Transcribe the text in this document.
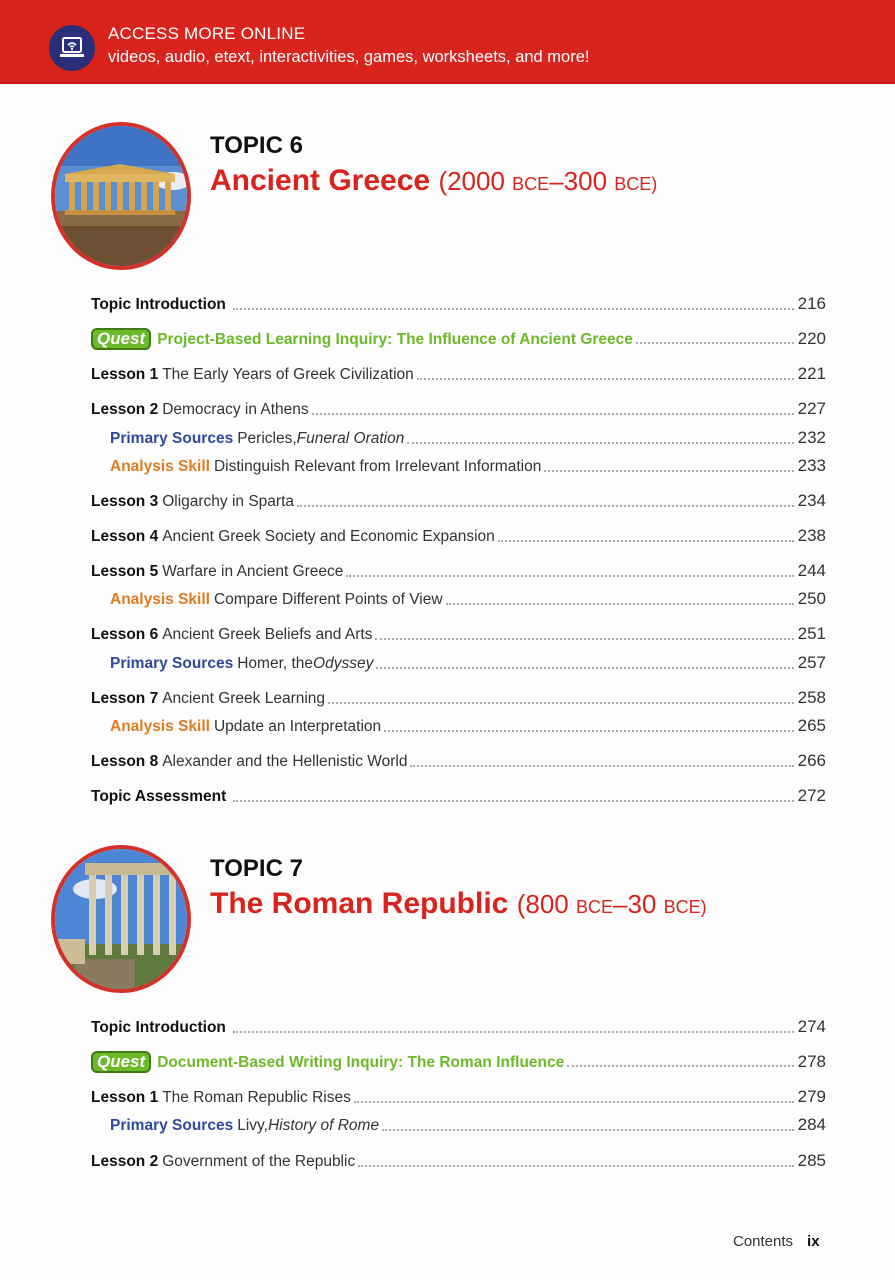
ACCESS MORE ONLINE
videos, audio, etext, interactivities, games, worksheets, and more!
TOPIC 6
Ancient Greece (2000 BCE–300 BCE)
Topic Introduction	216
Quest Project-Based Learning Inquiry: The Influence of Ancient Greece	220
Lesson 1 The Early Years of Greek Civilization	221
Lesson 2 Democracy in Athens	227
Primary Sources Pericles, Funeral Oration	232
Analysis Skill Distinguish Relevant from Irrelevant Information	233
Lesson 3 Oligarchy in Sparta	234
Lesson 4 Ancient Greek Society and Economic Expansion	238
Lesson 5 Warfare in Ancient Greece	244
Analysis Skill Compare Different Points of View	250
Lesson 6 Ancient Greek Beliefs and Arts	251
Primary Sources Homer, the Odyssey	257
Lesson 7 Ancient Greek Learning	258
Analysis Skill Update an Interpretation	265
Lesson 8 Alexander and the Hellenistic World	266
Topic Assessment	272
TOPIC 7
The Roman Republic (800 BCE–30 BCE)
Topic Introduction	274
Quest Document-Based Writing Inquiry: The Roman Influence	278
Lesson 1 The Roman Republic Rises	279
Primary Sources Livy, History of Rome	284
Lesson 2 Government of the Republic	285
Contents ix
